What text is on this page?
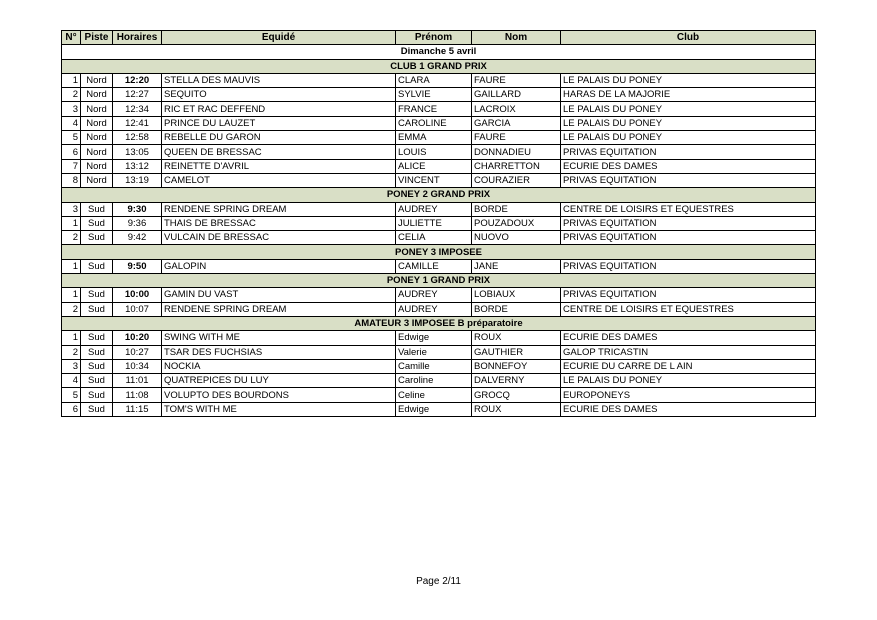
N°	Piste	Horaires	Equidé	Prénom	Nom	Club
Dimanche 5 avril						
CLUB 1 GRAND PRIX						
1	Nord	12:20	STELLA DES MAUVIS	CLARA	FAURE	LE PALAIS DU PONEY
2	Nord	12:27	SEQUITO	SYLVIE	GAILLARD	HARAS DE LA MAJORIE
3	Nord	12:34	RIC ET RAC DEFFEND	FRANCE	LACROIX	LE PALAIS DU PONEY
4	Nord	12:41	PRINCE DU LAUZET	CAROLINE	GARCIA	LE PALAIS DU PONEY
5	Nord	12:58	REBELLE DU GARON	EMMA	FAURE	LE PALAIS DU PONEY
6	Nord	13:05	QUEEN DE BRESSAC	LOUIS	DONNADIEU	PRIVAS EQUITATION
7	Nord	13:12	REINETTE D'AVRIL	ALICE	CHARRETTON	ECURIE DES DAMES
8	Nord	13:19	CAMELOT	VINCENT	COURAZIER	PRIVAS EQUITATION
PONEY 2 GRAND PRIX						
3	Sud	9:30	RENDENE SPRING DREAM	AUDREY	BORDE	CENTRE DE LOISIRS ET EQUESTRES
1	Sud	9:36	THAIS DE BRESSAC	JULIETTE	POUZADOUX	PRIVAS EQUITATION
2	Sud	9:42	VULCAIN DE BRESSAC	CELIA	NUOVO	PRIVAS EQUITATION
PONEY 3 IMPOSEE						
1	Sud	9:50	GALOPIN	CAMILLE	JANE	PRIVAS EQUITATION
PONEY 1 GRAND PRIX						
1	Sud	10:00	GAMIN DU VAST	AUDREY	LOBIAUX	PRIVAS EQUITATION
2	Sud	10:07	RENDENE SPRING DREAM	AUDREY	BORDE	CENTRE DE LOISIRS ET EQUESTRES
AMATEUR 3 IMPOSEE B préparatoire						
1	Sud	10:20	SWING WITH ME	Edwige	ROUX	ECURIE DES DAMES
2	Sud	10:27	TSAR DES FUCHSIAS	Valerie	GAUTHIER	GALOP TRICASTIN
3	Sud	10:34	NOCKIA	Camille	BONNEFOY	ECURIE DU CARRE DE L AIN
4	Sud	11:01	QUATREPICES DU LUY	Caroline	DALVERNY	LE PALAIS DU PONEY
5	Sud	11:08	VOLUPTO DES BOURDONS	Celine	GROCQ	EUROPONEYS
6	Sud	11:15	TOM'S WITH ME	Edwige	ROUX	ECURIE DES DAMES
Page 2/11
